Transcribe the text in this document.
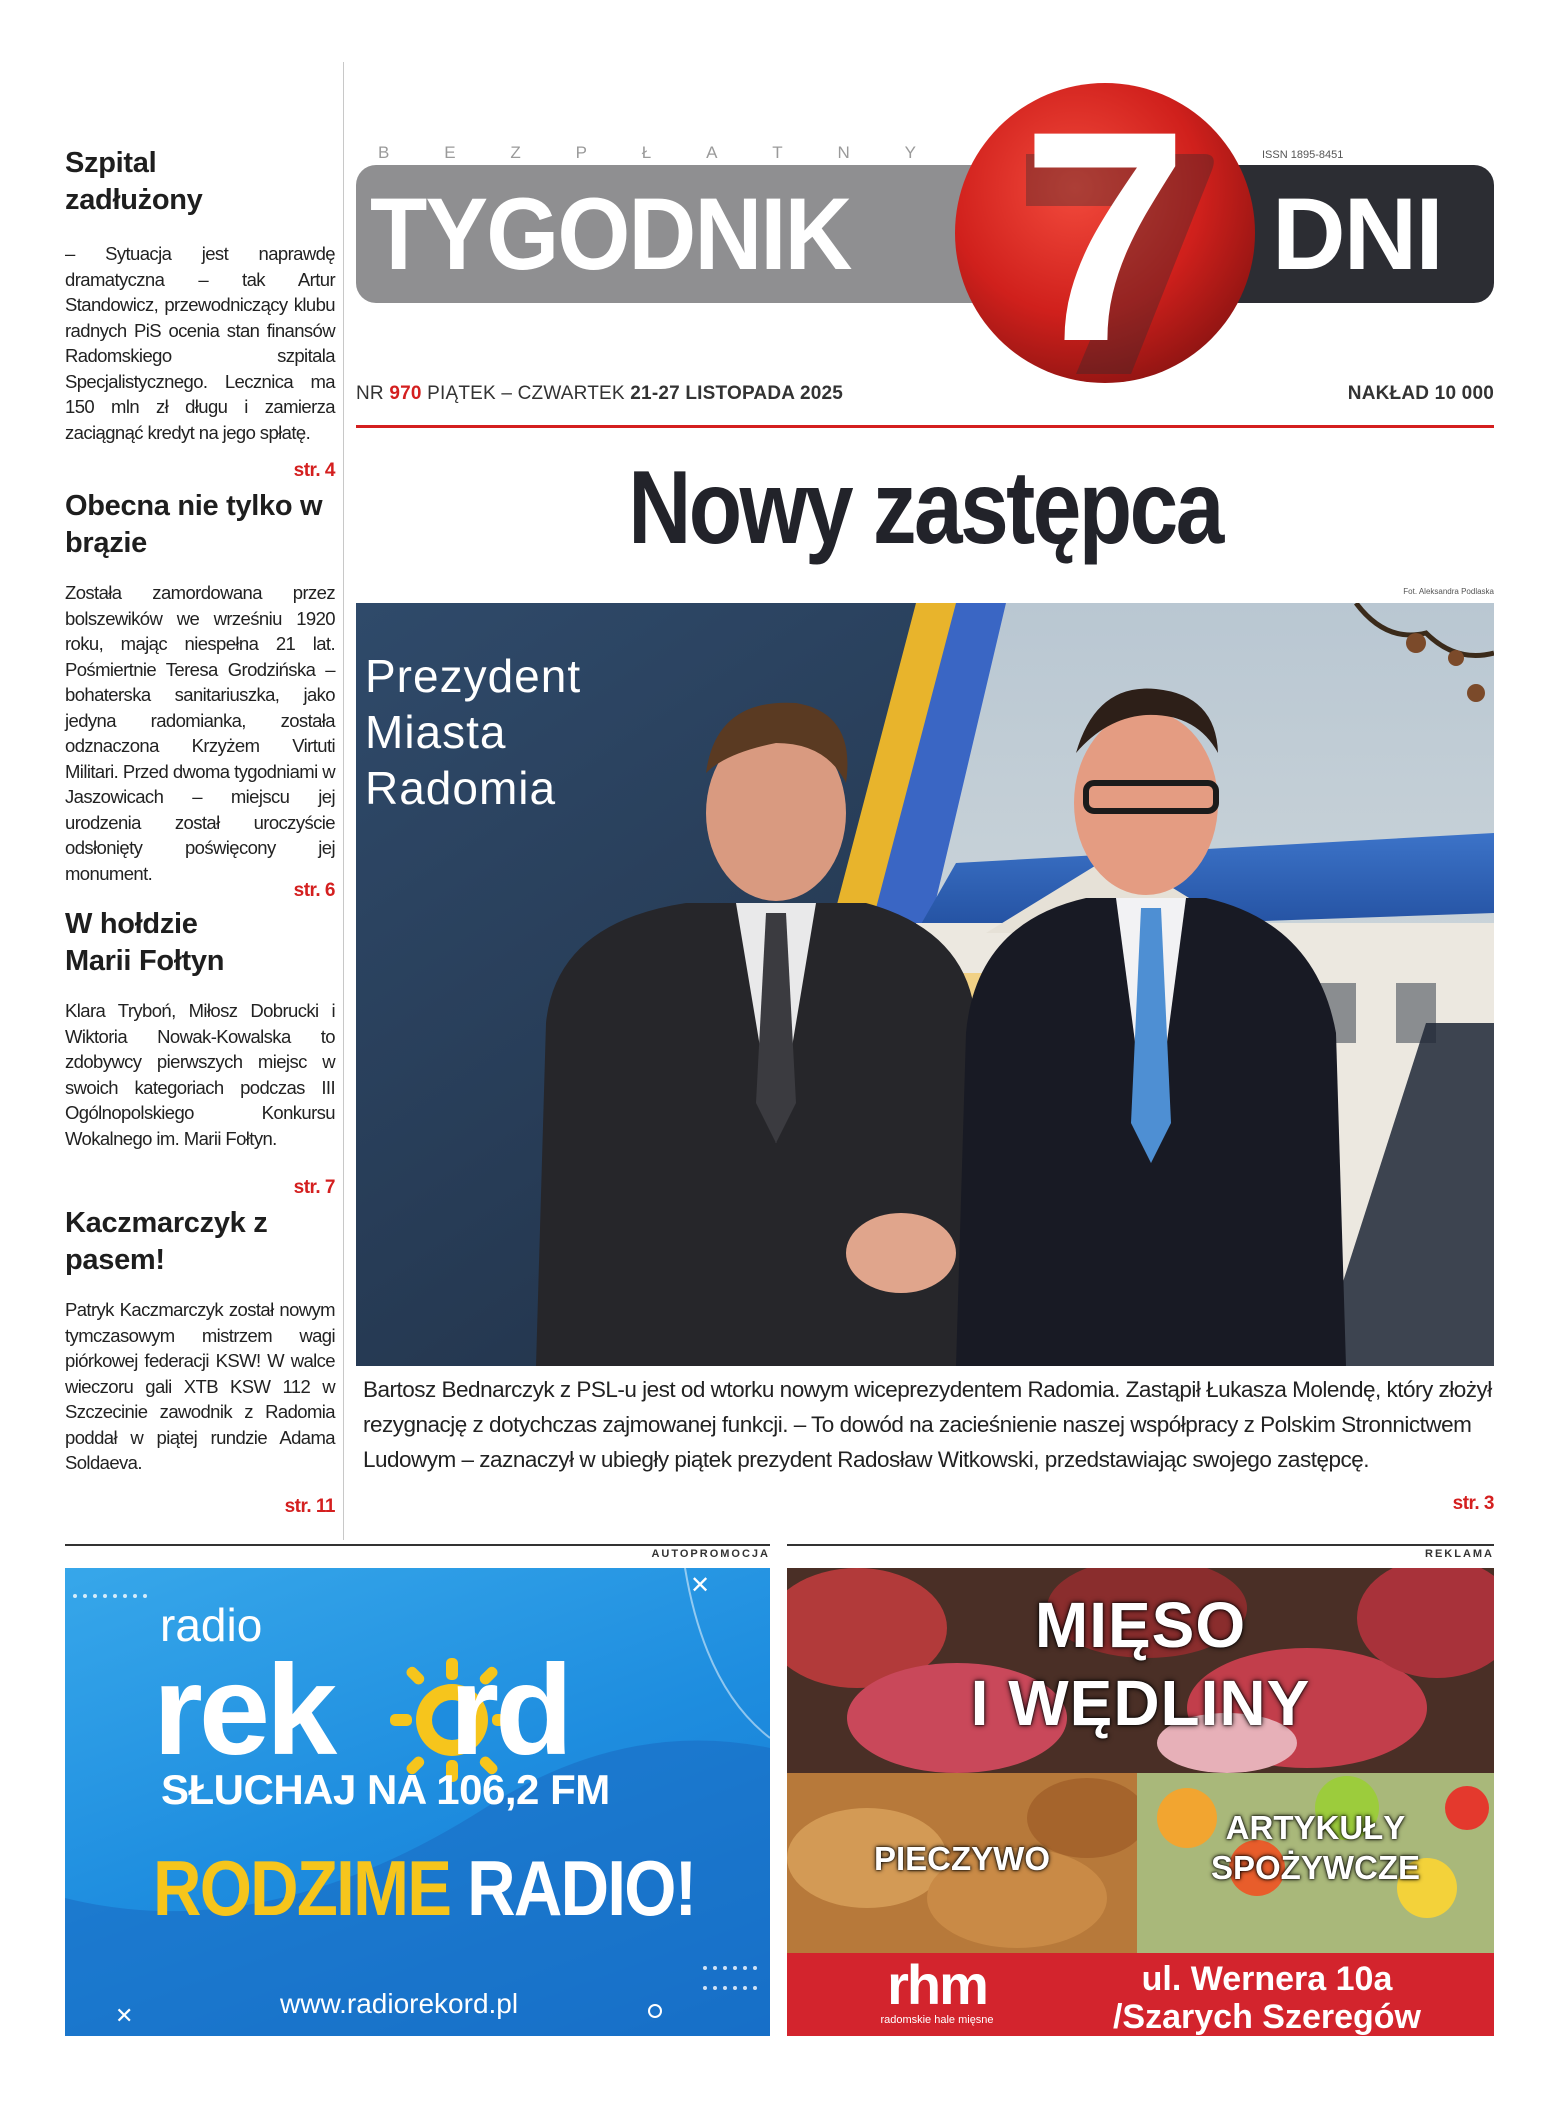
Szpital zadłużony

– Sytuacja jest naprawdę dramatyczna – tak Artur Standowicz, przewodniczący klubu radnych PiS ocenia stan finansów Radomskiego szpitala Specjalistycznego. Lecznica ma 150 mln zł długu i zamierza zaciągnąć kredyt na jego spłatę.

str. 4
Obecna nie tylko w brązie

Została zamordowana przez bolszewików we wrześniu 1920 roku, mając niespełna 21 lat. Pośmiertnie Teresa Grodzińska – bohaterska sanitariuszka, jako jedyna radomianka, została odznaczona Krzyżem Virtuti Militari. Przed dwoma tygodniami w Jaszowicach – miejscu jej urodzenia został uroczyście odsłonięty poświęcony jej monument.

str. 6
W hołdzie Marii Fołtyn

Klara Tryboń, Miłosz Dobrucki i Wiktoria Nowak-Kowalska to zdobywcy pierwszych miejsc w swoich kategoriach podczas III Ogólnopolskiego Konkursu Wokalnego im. Marii Fołtyn.

str. 7
Kaczmarczyk z pasem!

Patryk Kaczmarczyk został nowym tymczasowym mistrzem wagi piórkowej federacji KSW! W walce wieczoru gali XTB KSW 112 w Szczecinie zawodnik z Radomia poddał w piątej rundzie Adama Soldaeva.

str. 11
B	E	Z	P	Ł	A	T	N	Y
TYGODNIK	DNI
ISSN 1895-8451
7
NR 970 PIĄTEK – CZWARTEK 21-27 LISTOPADA 2025	NAKŁAD 10 000
Nowy zastępca
Fot. Aleksandra Podlaska
Prezydent
Miasta
Radomia
Bartosz Bednarczyk z PSL-u jest od wtorku nowym wiceprezydentem Radomia. Zastąpił Łukasza Molendę, który złożył rezygnację z dotychczas zajmowanej funkcji. – To dowód na zacieśnienie naszej współpracy z Polskim Stronnictwem Ludowym – zaznaczył w ubiegły piątek prezydent Radosław Witkowski, przedstawiając swojego zastępcę.
str. 3
AUTOPROMOCJA	REKLAMA
✕
✕
radio
rek rd
SŁUCHAJ NA 106,2 FM
RODZIME RADIO!
www.radiorekord.pl
MIĘSO
I WĘDLINY
PIECZYWO
ARTYKUŁY
SPOŻYWCZE
rhm
radomskie hale mięsne
ul. Wernera 10a
/Szarych Szeregów
